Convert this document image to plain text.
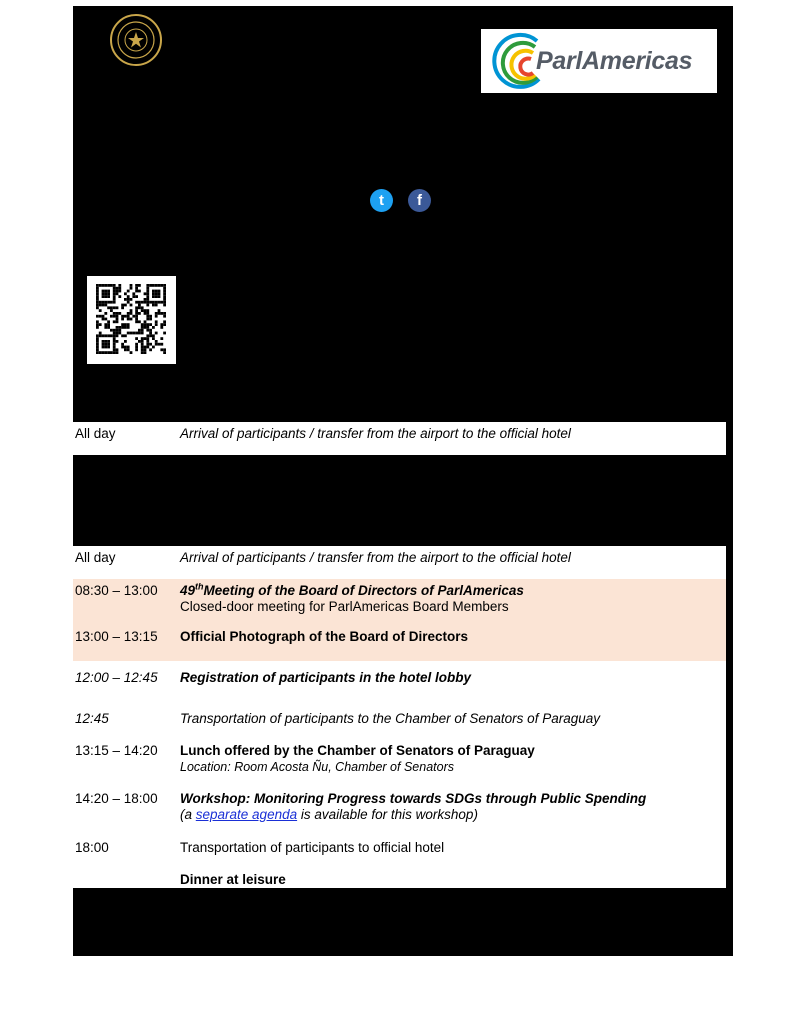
ParlAmericas
t	f
All day	Arrival of participants / transfer from the airport to the official hotel
All day	Arrival of participants / transfer from the airport to the official hotel
08:30 – 13:00 49thMeeting of the Board of Directors of ParlAmericas
Closed-door meeting for ParlAmericas Board Members
13:00 – 13:15 Official Photograph of the Board of Directors
12:00 – 12:45 Registration of participants in the hotel lobby
12:45	Transportation of participants to the Chamber of Senators of Paraguay
13:15 – 14:20 Lunch offered by the Chamber of Senators of Paraguay
Location: Room Acosta Ñu, Chamber of Senators
14:20 – 18:00 Workshop: Monitoring Progress towards SDGs through Public Spending
(a separate agenda is available for this workshop)
18:00	Transportation of participants to official hotel
Dinner at leisure
